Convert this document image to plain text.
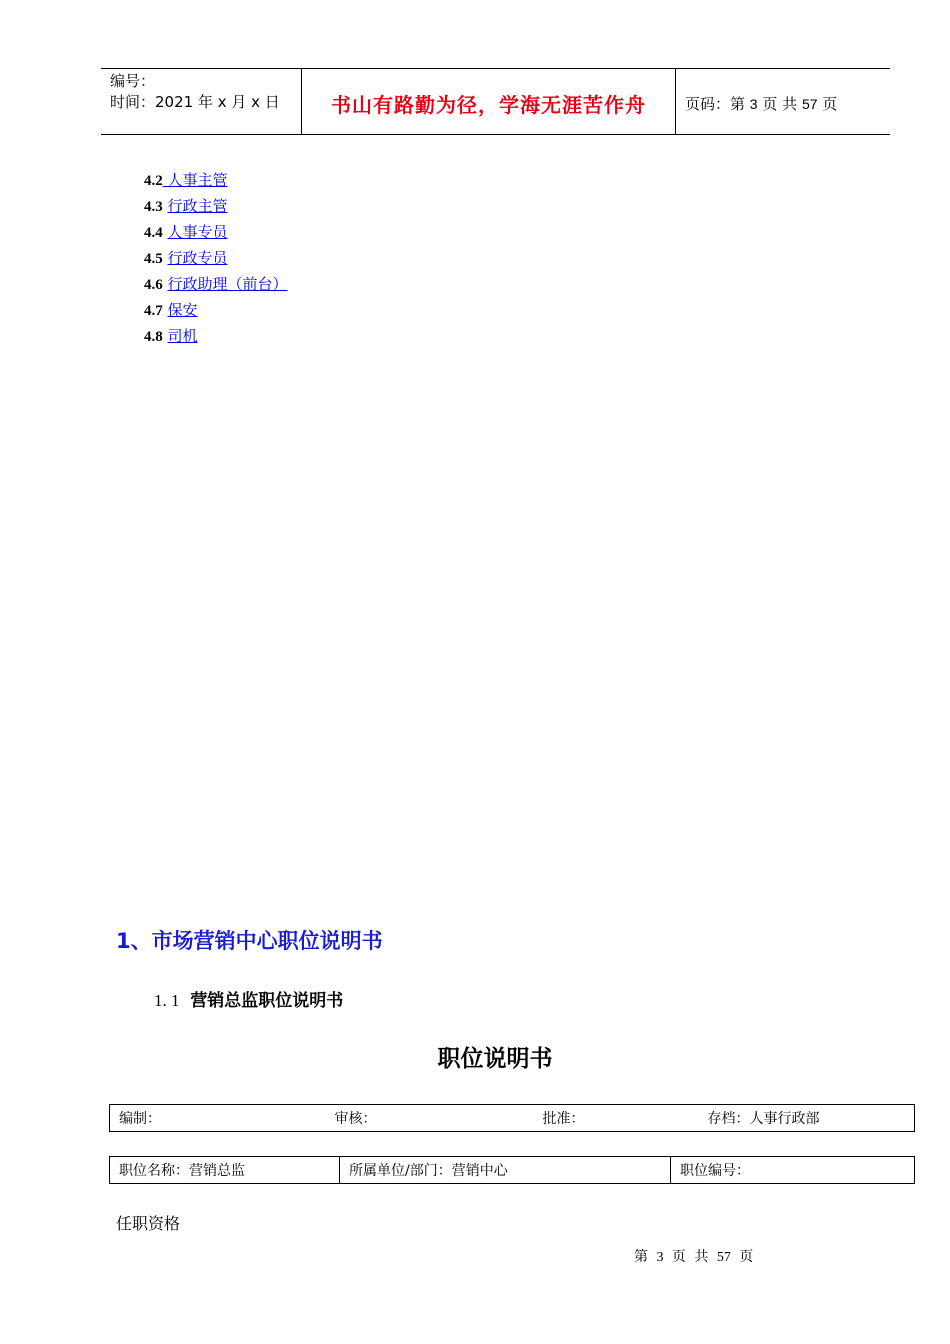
编号：
时间：2021 年 x 月 x 日	书山有路勤为径，学海无涯苦作舟	页码：第 3 页 共 57 页
4.2 人事主管
4.3 行政主管
4.4 人事专员
4.5 行政专员
4.6 行政助理（前台）
4.7 保安
4.8 司机
1、市场营销中心职位说明书
1. 1 营销总监职位说明书
职位说明书
编制：	审核：	批准：	存档：人事行政部
职位名称：营销总监	所属单位/部门：营销中心	职位编号：
任职资格
第 3 页 共 57 页
